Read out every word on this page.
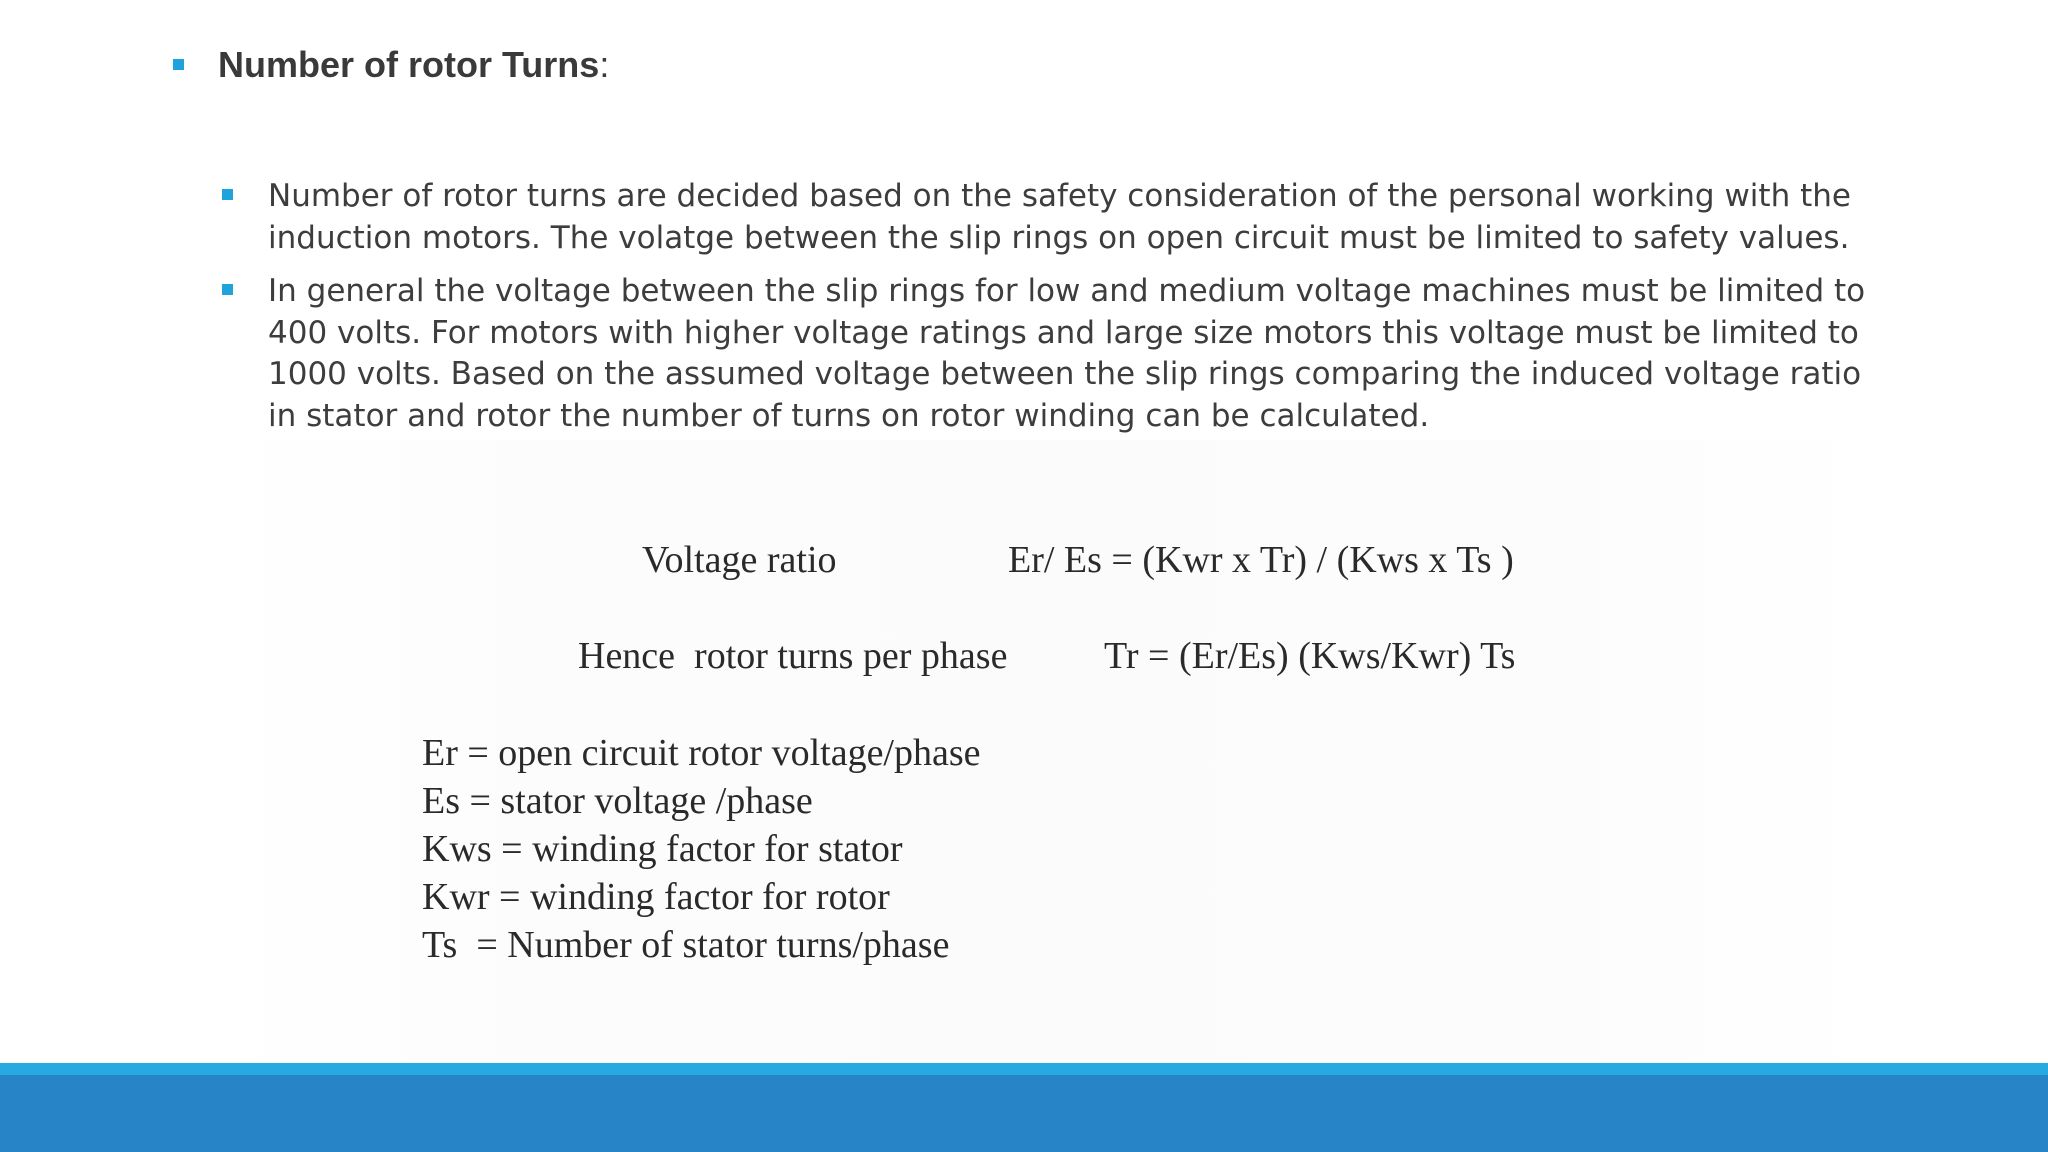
Number of rotor Turns:

Number of rotor turns are decided based on the safety consideration of the personal working with the
induction motors. The volatge between the slip rings on open circuit must be limited to safety values.

In general the voltage between the slip rings for low and medium voltage machines must be limited to
400 volts. For motors with higher voltage ratings and large size motors this voltage must be limited to
1000 volts. Based on the assumed voltage between the slip rings comparing the induced voltage ratio
in stator and rotor the number of turns on rotor winding can be calculated.

Voltage ratio	Er/ Es = (Kwr x Tr) / (Kws x Ts )
Hence  rotor turns per phase	Tr = (Er/Es) (Kws/Kwr) Ts
Er = open circuit rotor voltage/phase
Es = stator voltage /phase
Kws = winding factor for stator
Kwr = winding factor for rotor
Ts  = Number of stator turns/phase
